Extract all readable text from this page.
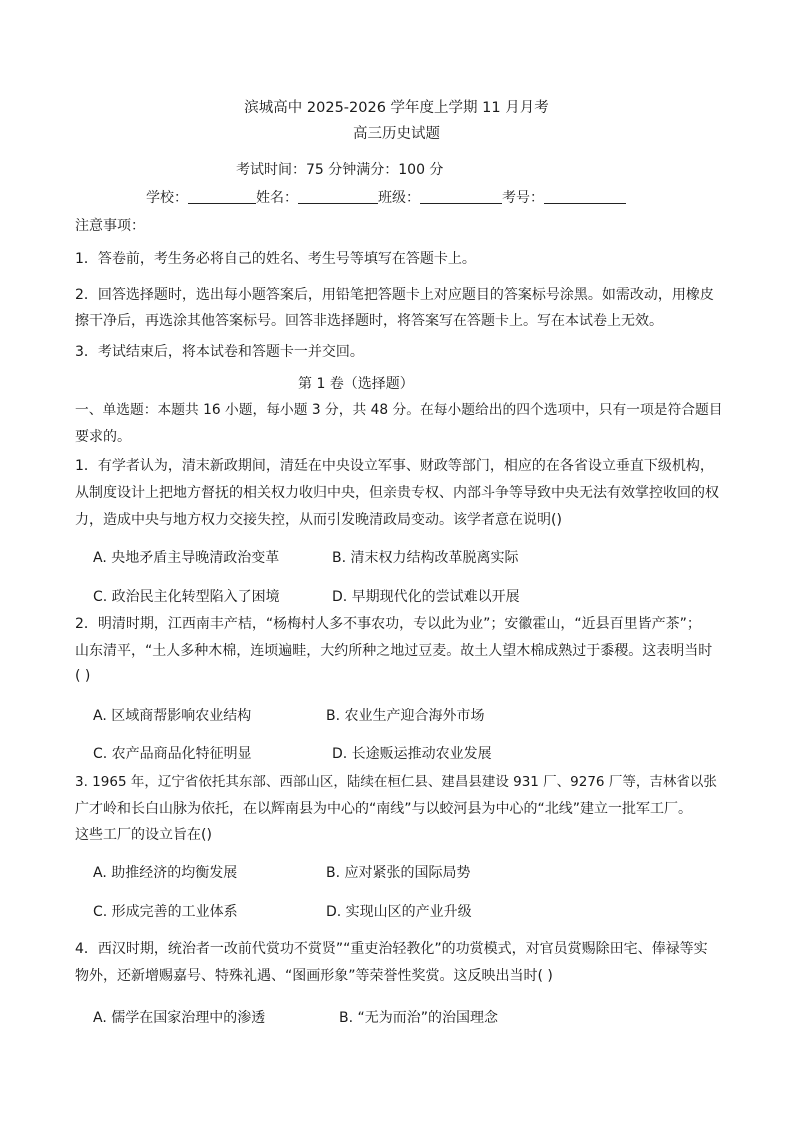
滨城高中 2025-2026 学年度上学期 11 月月考
高三历史试题
考试时间：75 分钟满分：100 分
学校：	姓名：	班级：	考号：
注意事项：
1．答卷前，考生务必将自己的姓名、考生号等填写在答题卡上。
2．回答选择题时，选出每小题答案后，用铅笔把答题卡上对应题目的答案标号涂黑。如需改动，用橡皮
擦干净后，再选涂其他答案标号。回答非选择题时，将答案写在答题卡上。写在本试卷上无效。
3．考试结束后，将本试卷和答题卡一并交回。
第 1 卷（选择题）
一、单选题：本题共 16 小题，每小题 3 分，共 48 分。在每小题给出的四个选项中，只有一项是符合题目
要求的。
1．有学者认为，清末新政期间，清廷在中央设立军事、财政等部门，相应的在各省设立垂直下级机构，
从制度设计上把地方督抚的相关权力收归中央，但亲贵专权、内部斗争等导致中央无法有效掌控收回的权
力，造成中央与地方权力交接失控，从而引发晚清政局变动。该学者意在说明()
A. 央地矛盾主导晚清政治变革	B. 清末权力结构改革脱离实际
C. 政治民主化转型陷入了困境	D. 早期现代化的尝试难以开展
2．明清时期，江西南丰产桔，“杨梅村人多不事农功，专以此为业”；安徽霍山，“近县百里皆产茶”；
山东清平，“土人多种木棉，连顷遍畦，大约所种之地过豆麦。故土人望木棉成熟过于黍稷。这表明当时
( )
A. 区域商帮影响农业结构	B. 农业生产迎合海外市场
C. 农产品商品化特征明显	D. 长途贩运推动农业发展
3. 1965 年，辽宁省依托其东部、西部山区，陆续在桓仁县、建昌县建设 931 厂、9276 厂等，吉林省以张
广才岭和长白山脉为依托，在以辉南县为中心的“南线”与以蛟河县为中心的“北线”建立一批军工厂。
这些工厂的设立旨在()
A. 助推经济的均衡发展	B. 应对紧张的国际局势
C. 形成完善的工业体系	D. 实现山区的产业升级
4．西汉时期，统治者一改前代赏功不赏贤”“重吏治轻教化”的功赏模式，对官员赏赐除田宅、俸禄等实
物外，还新增赐嘉号、特殊礼遇、“图画形象”等荣誉性奖赏。这反映出当时( )
A. 儒学在国家治理中的渗透	B. “无为而治”的治国理念
